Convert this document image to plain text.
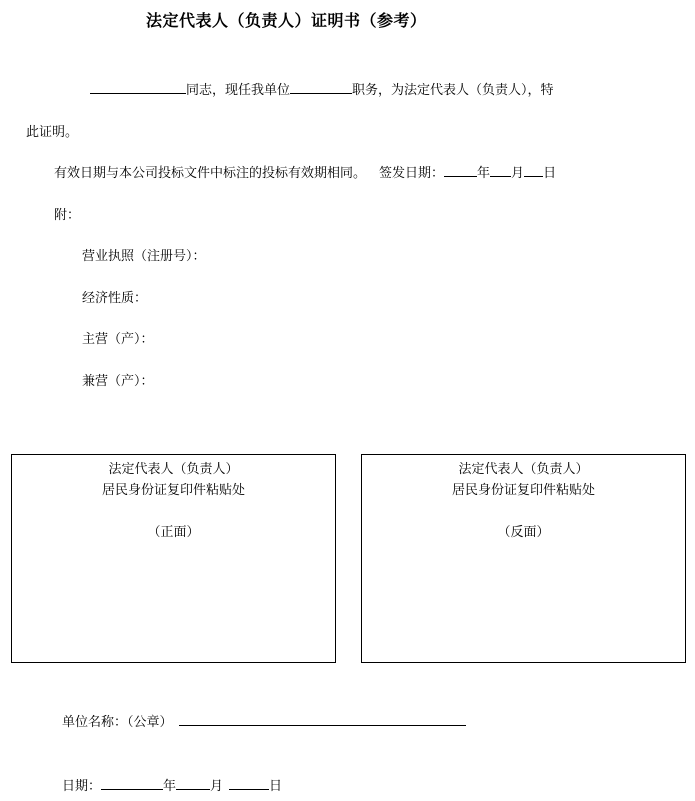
法定代表人（负责人）证明书（参考）
同志，现任我单位	职务，为法定代表人（负责人），特
此证明。
有效日期与本公司投标文件中标注的投标有效期相同。 签发日期：	年 月 日
附：
营业执照（注册号）：
经济性质：
主营（产）：
兼营（产）：
法定代表人（负责人）
居民身份证复印件粘贴处
（正面）
法定代表人（负责人）
居民身份证复印件粘贴处
（反面）
单位名称：（公章）
日期：	年	月	日
